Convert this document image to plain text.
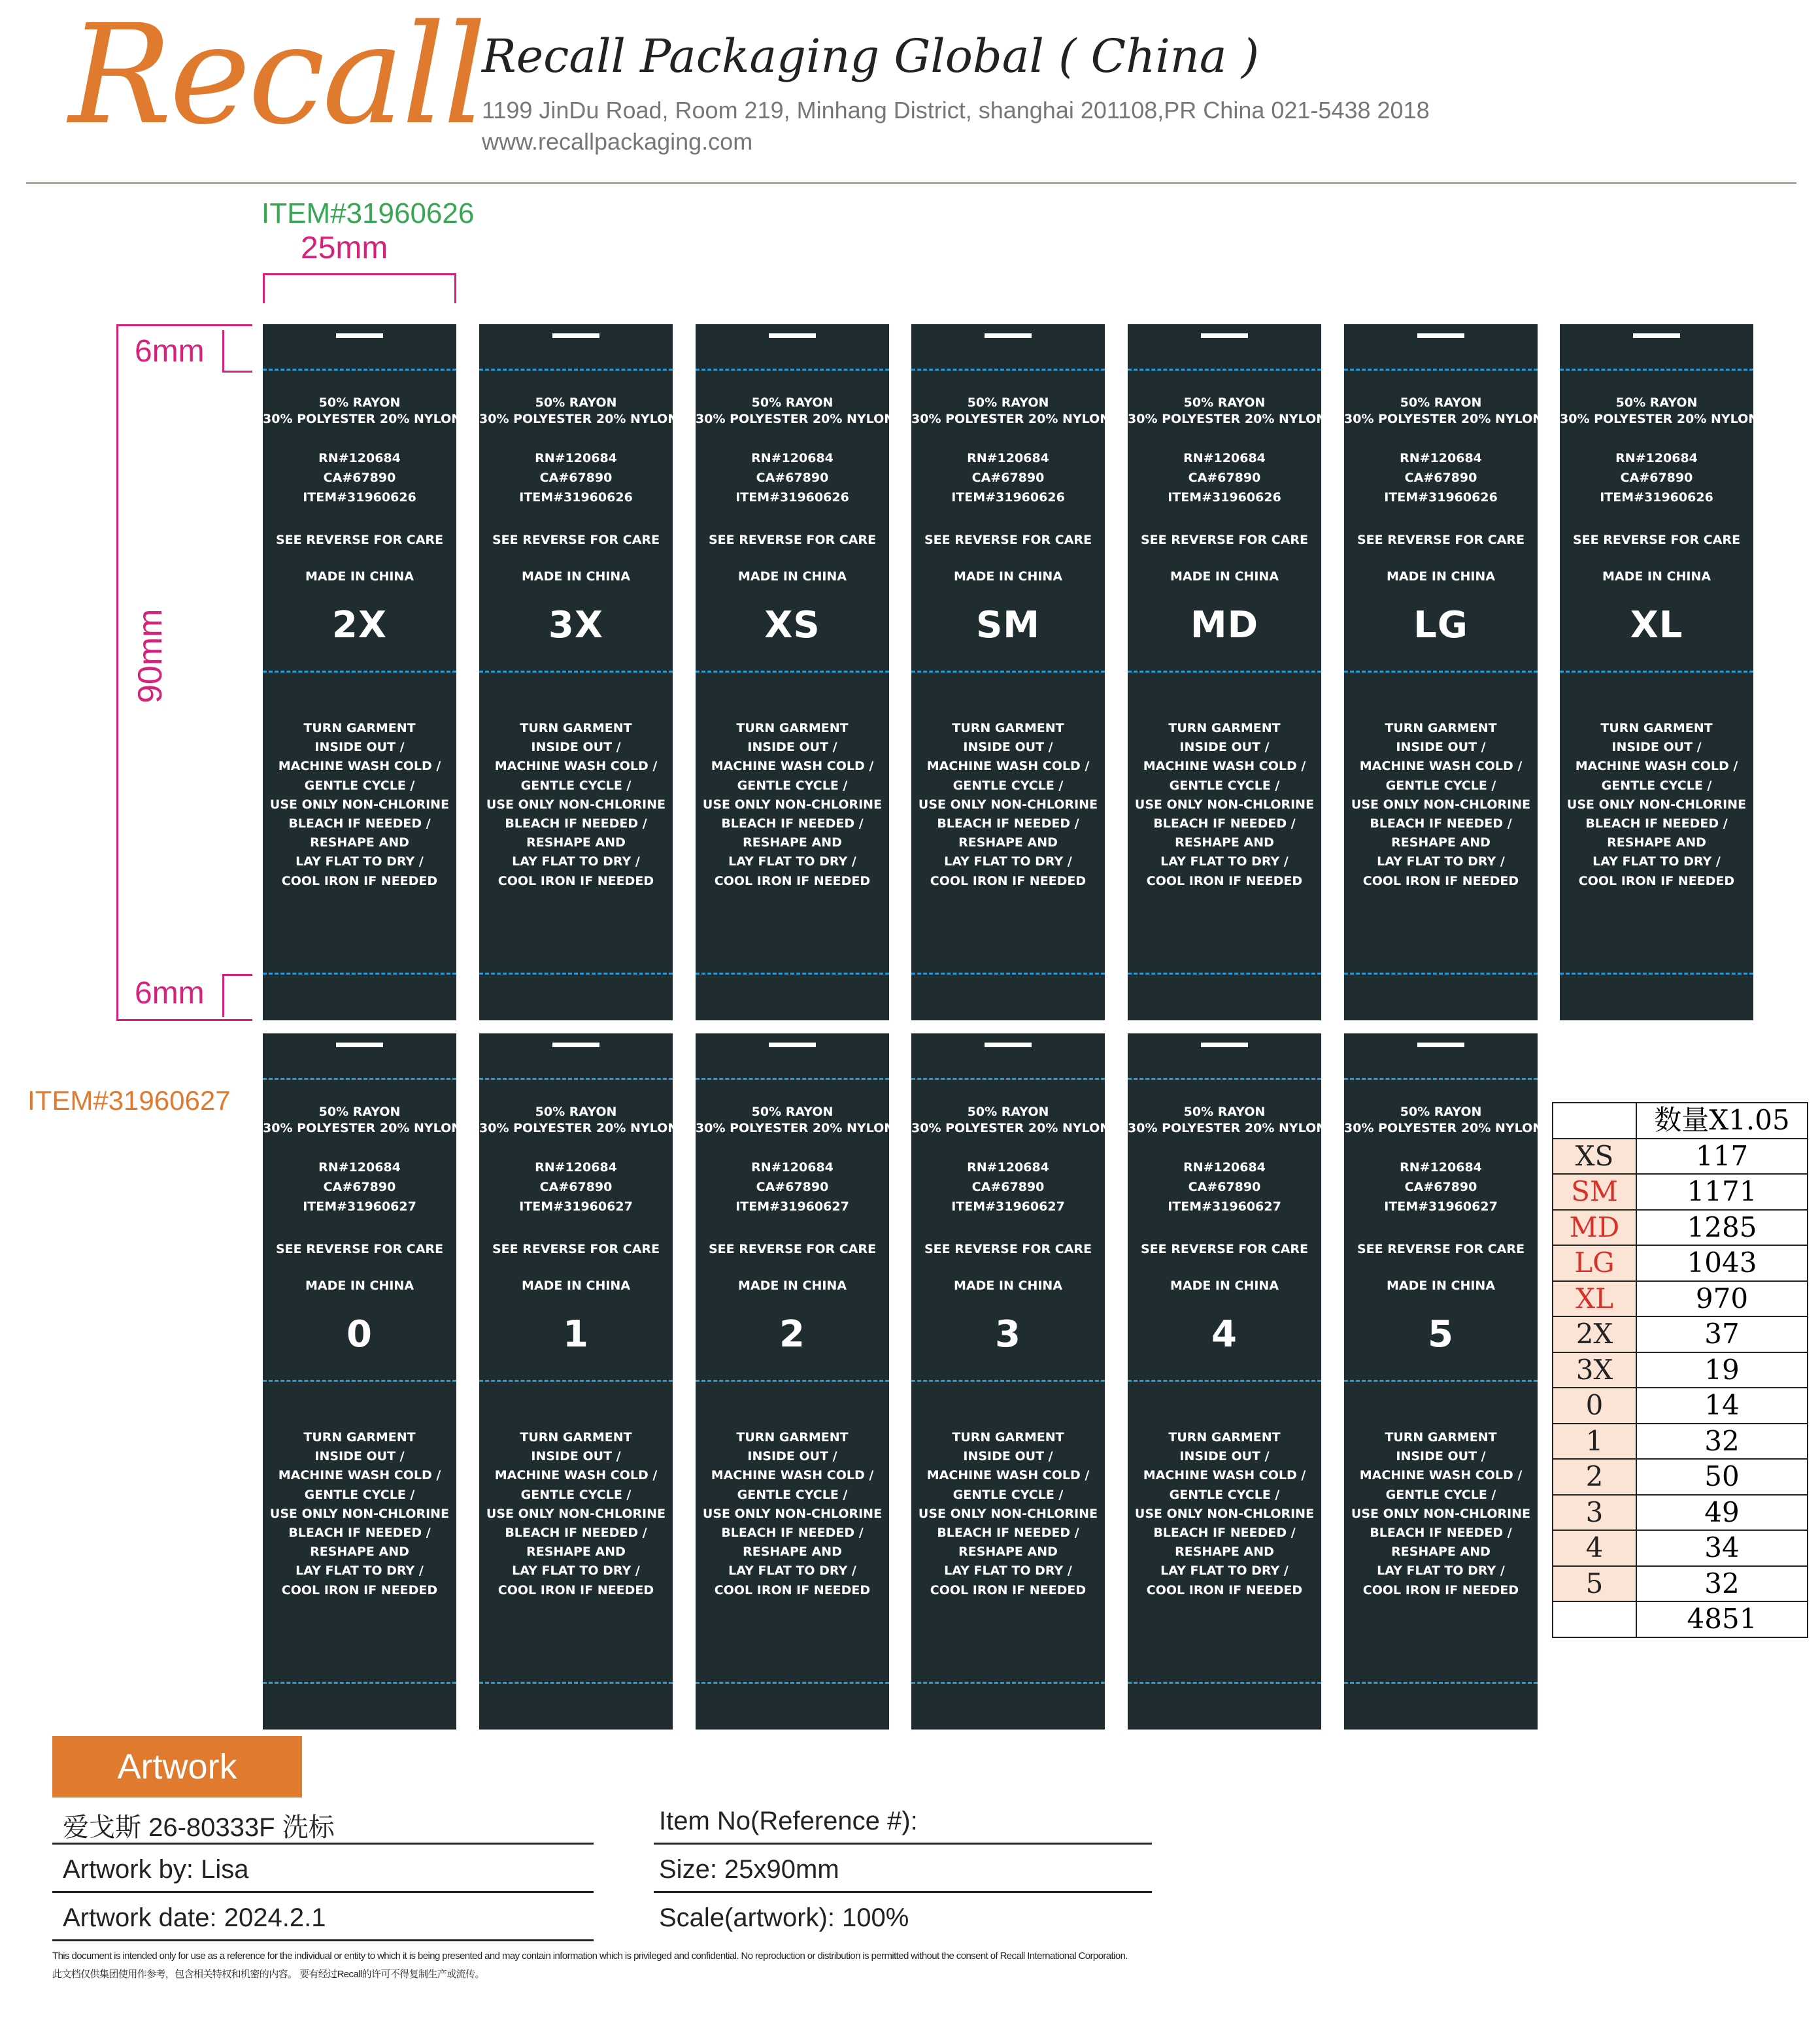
Recall
Recall Packaging Global ( China )
1199 JinDu Road, Room 219, Minhang District, shanghai 201108,PR China 021-5438 2018
www.recallpackaging.com
ITEM#31960626
25mm
6mm
6mm
90mm
ITEM#31960627
50% RAYON
30% POLYESTER 20% NYLON
RN#120684
CA#67890
ITEM#31960626
SEE REVERSE FOR CARE
MADE IN CHINA
2X
TURN GARMENT
INSIDE OUT /
MACHINE WASH COLD /
GENTLE CYCLE /
USE ONLY NON-CHLORINE
BLEACH IF NEEDED /
RESHAPE AND
LAY FLAT TO DRY /
COOL IRON IF NEEDED
50% RAYON
30% POLYESTER 20% NYLON
RN#120684
CA#67890
ITEM#31960626
SEE REVERSE FOR CARE
MADE IN CHINA
3X
TURN GARMENT
INSIDE OUT /
MACHINE WASH COLD /
GENTLE CYCLE /
USE ONLY NON-CHLORINE
BLEACH IF NEEDED /
RESHAPE AND
LAY FLAT TO DRY /
COOL IRON IF NEEDED
50% RAYON
30% POLYESTER 20% NYLON
RN#120684
CA#67890
ITEM#31960626
SEE REVERSE FOR CARE
MADE IN CHINA
XS
TURN GARMENT
INSIDE OUT /
MACHINE WASH COLD /
GENTLE CYCLE /
USE ONLY NON-CHLORINE
BLEACH IF NEEDED /
RESHAPE AND
LAY FLAT TO DRY /
COOL IRON IF NEEDED
50% RAYON
30% POLYESTER 20% NYLON
RN#120684
CA#67890
ITEM#31960626
SEE REVERSE FOR CARE
MADE IN CHINA
SM
TURN GARMENT
INSIDE OUT /
MACHINE WASH COLD /
GENTLE CYCLE /
USE ONLY NON-CHLORINE
BLEACH IF NEEDED /
RESHAPE AND
LAY FLAT TO DRY /
COOL IRON IF NEEDED
50% RAYON
30% POLYESTER 20% NYLON
RN#120684
CA#67890
ITEM#31960626
SEE REVERSE FOR CARE
MADE IN CHINA
MD
TURN GARMENT
INSIDE OUT /
MACHINE WASH COLD /
GENTLE CYCLE /
USE ONLY NON-CHLORINE
BLEACH IF NEEDED /
RESHAPE AND
LAY FLAT TO DRY /
COOL IRON IF NEEDED
50% RAYON
30% POLYESTER 20% NYLON
RN#120684
CA#67890
ITEM#31960626
SEE REVERSE FOR CARE
MADE IN CHINA
LG
TURN GARMENT
INSIDE OUT /
MACHINE WASH COLD /
GENTLE CYCLE /
USE ONLY NON-CHLORINE
BLEACH IF NEEDED /
RESHAPE AND
LAY FLAT TO DRY /
COOL IRON IF NEEDED
50% RAYON
30% POLYESTER 20% NYLON
RN#120684
CA#67890
ITEM#31960626
SEE REVERSE FOR CARE
MADE IN CHINA
XL
TURN GARMENT
INSIDE OUT /
MACHINE WASH COLD /
GENTLE CYCLE /
USE ONLY NON-CHLORINE
BLEACH IF NEEDED /
RESHAPE AND
LAY FLAT TO DRY /
COOL IRON IF NEEDED
50% RAYON
30% POLYESTER 20% NYLON
RN#120684
CA#67890
ITEM#31960627
SEE REVERSE FOR CARE
MADE IN CHINA
0
TURN GARMENT
INSIDE OUT /
MACHINE WASH COLD /
GENTLE CYCLE /
USE ONLY NON-CHLORINE
BLEACH IF NEEDED /
RESHAPE AND
LAY FLAT TO DRY /
COOL IRON IF NEEDED
50% RAYON
30% POLYESTER 20% NYLON
RN#120684
CA#67890
ITEM#31960627
SEE REVERSE FOR CARE
MADE IN CHINA
1
TURN GARMENT
INSIDE OUT /
MACHINE WASH COLD /
GENTLE CYCLE /
USE ONLY NON-CHLORINE
BLEACH IF NEEDED /
RESHAPE AND
LAY FLAT TO DRY /
COOL IRON IF NEEDED
50% RAYON
30% POLYESTER 20% NYLON
RN#120684
CA#67890
ITEM#31960627
SEE REVERSE FOR CARE
MADE IN CHINA
2
TURN GARMENT
INSIDE OUT /
MACHINE WASH COLD /
GENTLE CYCLE /
USE ONLY NON-CHLORINE
BLEACH IF NEEDED /
RESHAPE AND
LAY FLAT TO DRY /
COOL IRON IF NEEDED
50% RAYON
30% POLYESTER 20% NYLON
RN#120684
CA#67890
ITEM#31960627
SEE REVERSE FOR CARE
MADE IN CHINA
3
TURN GARMENT
INSIDE OUT /
MACHINE WASH COLD /
GENTLE CYCLE /
USE ONLY NON-CHLORINE
BLEACH IF NEEDED /
RESHAPE AND
LAY FLAT TO DRY /
COOL IRON IF NEEDED
50% RAYON
30% POLYESTER 20% NYLON
RN#120684
CA#67890
ITEM#31960627
SEE REVERSE FOR CARE
MADE IN CHINA
4
TURN GARMENT
INSIDE OUT /
MACHINE WASH COLD /
GENTLE CYCLE /
USE ONLY NON-CHLORINE
BLEACH IF NEEDED /
RESHAPE AND
LAY FLAT TO DRY /
COOL IRON IF NEEDED
50% RAYON
30% POLYESTER 20% NYLON
RN#120684
CA#67890
ITEM#31960627
SEE REVERSE FOR CARE
MADE IN CHINA
5
TURN GARMENT
INSIDE OUT /
MACHINE WASH COLD /
GENTLE CYCLE /
USE ONLY NON-CHLORINE
BLEACH IF NEEDED /
RESHAPE AND
LAY FLAT TO DRY /
COOL IRON IF NEEDED
	数量X1.05
XS	117
SM	1171
MD	1285
LG	1043
XL	970
2X	37
3X	19
0	14
1	32
2	50
3	49
4	34
5	32
	4851
Artwork
爱戈斯 26-80333F 洗标
Artwork by: Lisa
Artwork date: 2024.2.1
Item No(Reference #):
Size: 25x90mm
Scale(artwork): 100%
This document is intended only for use as a reference for the individual or entity to which it is being presented and may contain information which is privileged and confidential. No reproduction or distribution is permitted without the consent of Recall International Corporation.
此文档仅供集团使用作参考，包含相关特权和机密的内容。 要有经过Recall的许可不得复制生产或流传。
